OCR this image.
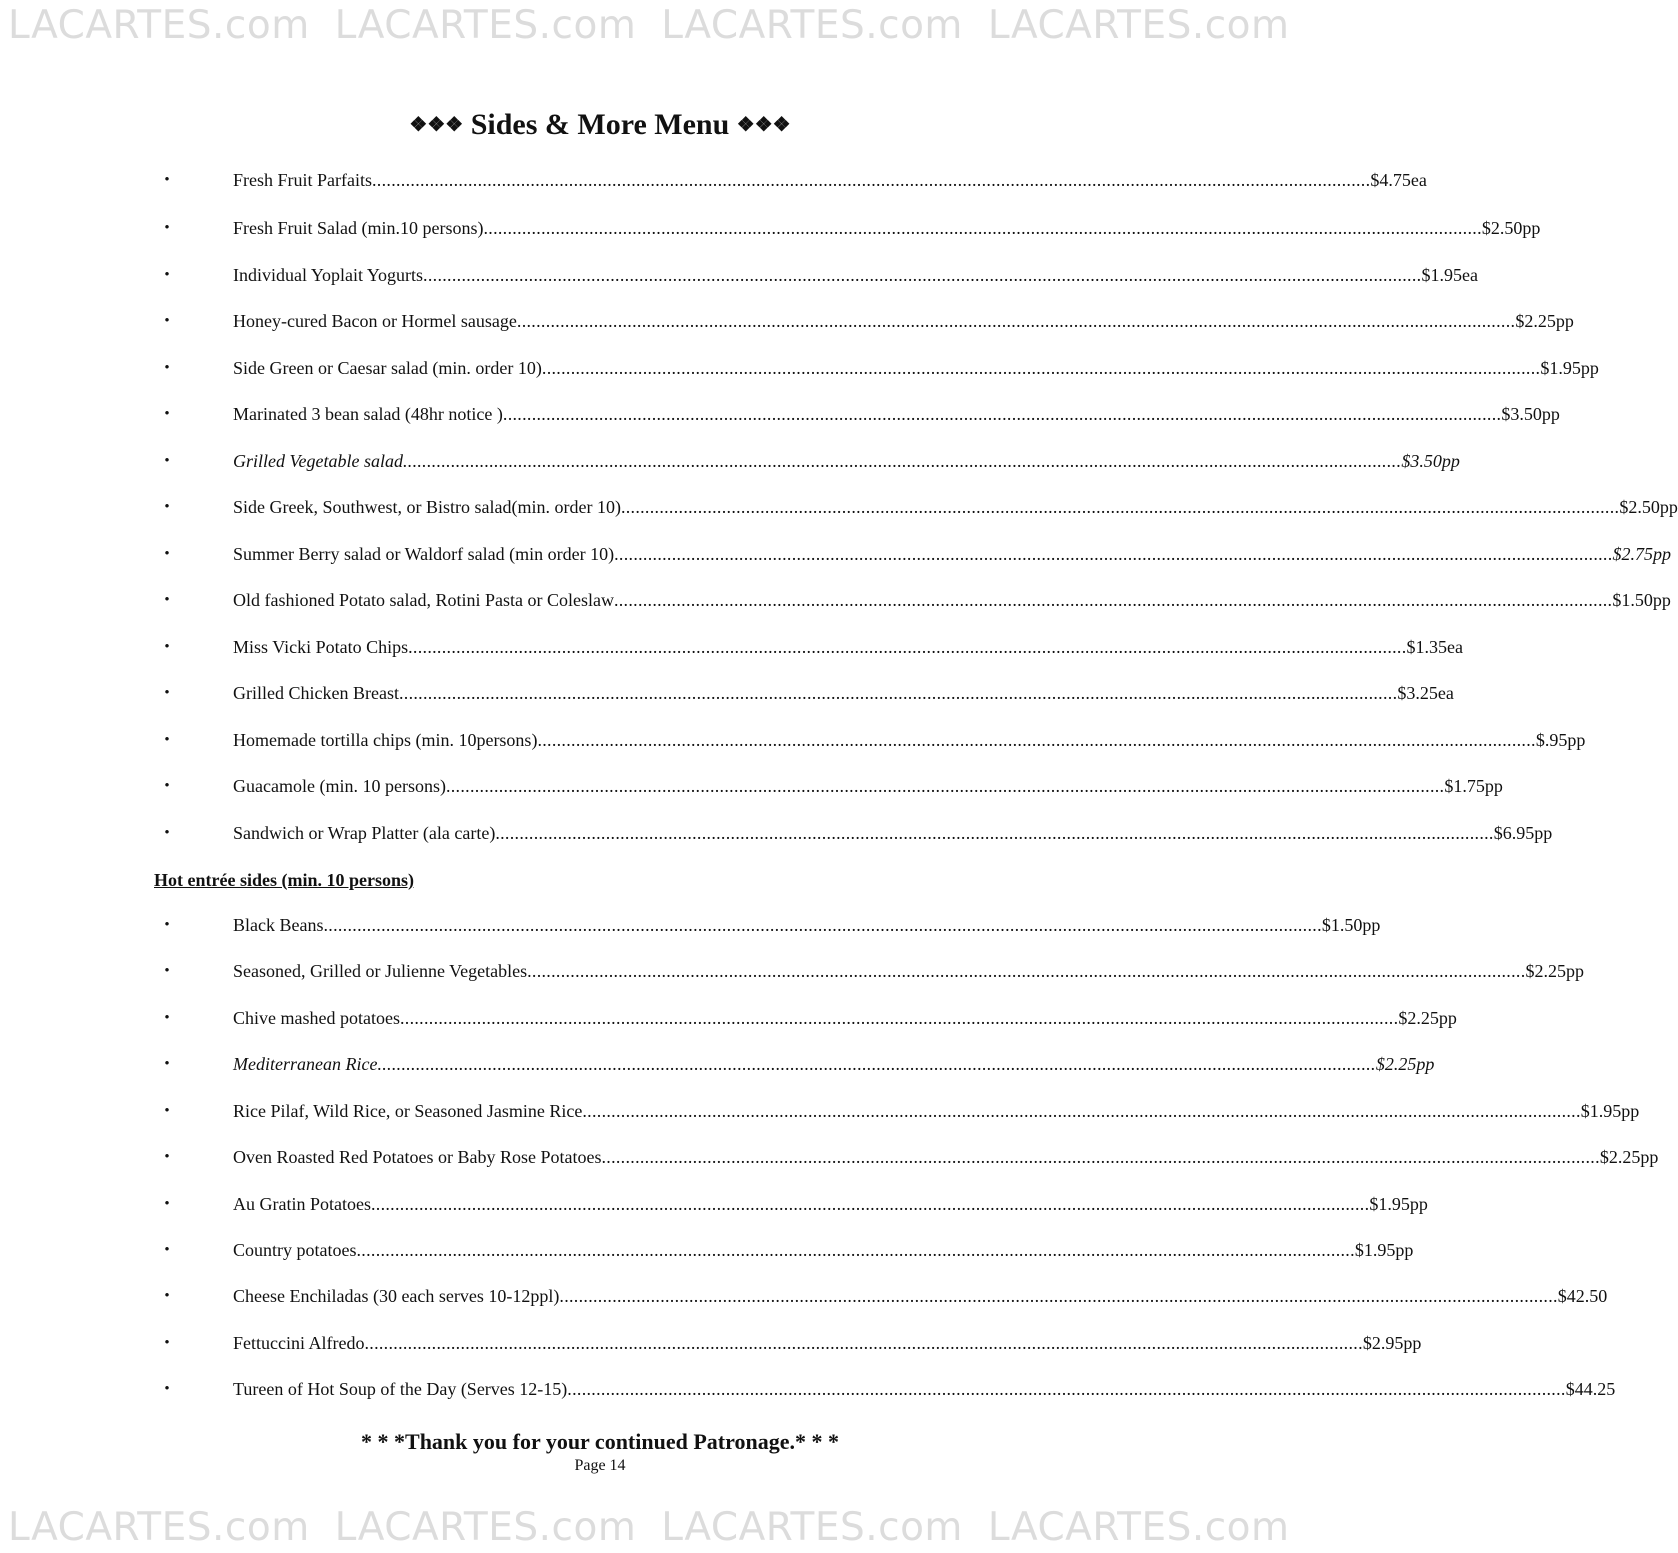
LACARTES.com LACARTES.com LACARTES.com LACARTES.com
❖❖❖ Sides & More Menu ❖❖❖
•	Fresh Fruit Parfaits .....	$4.75ea
•	Fresh Fruit Salad (min.10 persons) .....	$2.50pp
•	Individual Yoplait Yogurts .....	$1.95ea
•	Honey-cured Bacon or Hormel sausage .....	$2.25pp
•	Side Green or Caesar salad (min. order 10) .....	$1.95pp
•	Marinated 3 bean salad (48hr notice ) .....	$3.50pp
•	Grilled Vegetable salad .....	$3.50pp
•	Side Greek, Southwest, or Bistro salad(min. order 10) .....	$2.50pp
•	Summer Berry salad or Waldorf salad (min order 10) .....	$2.75pp
•	Old fashioned Potato salad, Rotini Pasta or Coleslaw .....	$1.50pp
•	Miss Vicki Potato Chips .....	$1.35ea
•	Grilled Chicken Breast .....	$3.25ea
•	Homemade tortilla chips (min. 10persons) .....	$.95pp
•	Guacamole (min. 10 persons) .....	$1.75pp
•	Sandwich or Wrap Platter (ala carte) .....	$6.95pp
Hot entrée sides (min. 10 persons)
•	Black Beans .....	$1.50pp
•	Seasoned, Grilled or Julienne Vegetables .....	$2.25pp
•	Chive mashed potatoes .....	$2.25pp
•	Mediterranean Rice .....	$2.25pp
•	Rice Pilaf, Wild Rice, or Seasoned Jasmine Rice .....	$1.95pp
•	Oven Roasted Red Potatoes or Baby Rose Potatoes .....	$2.25pp
•	Au Gratin Potatoes .....	$1.95pp
•	Country potatoes .....	$1.95pp
•	Cheese Enchiladas (30 each serves 10-12ppl) .....	$42.50
•	Fettuccini Alfredo .....	$2.95pp
•	Tureen of Hot Soup of the Day (Serves 12-15) .....	$44.25
* * *Thank you for your continued Patronage.* * *
Page 14
LACARTES.com LACARTES.com LACARTES.com LACARTES.com
